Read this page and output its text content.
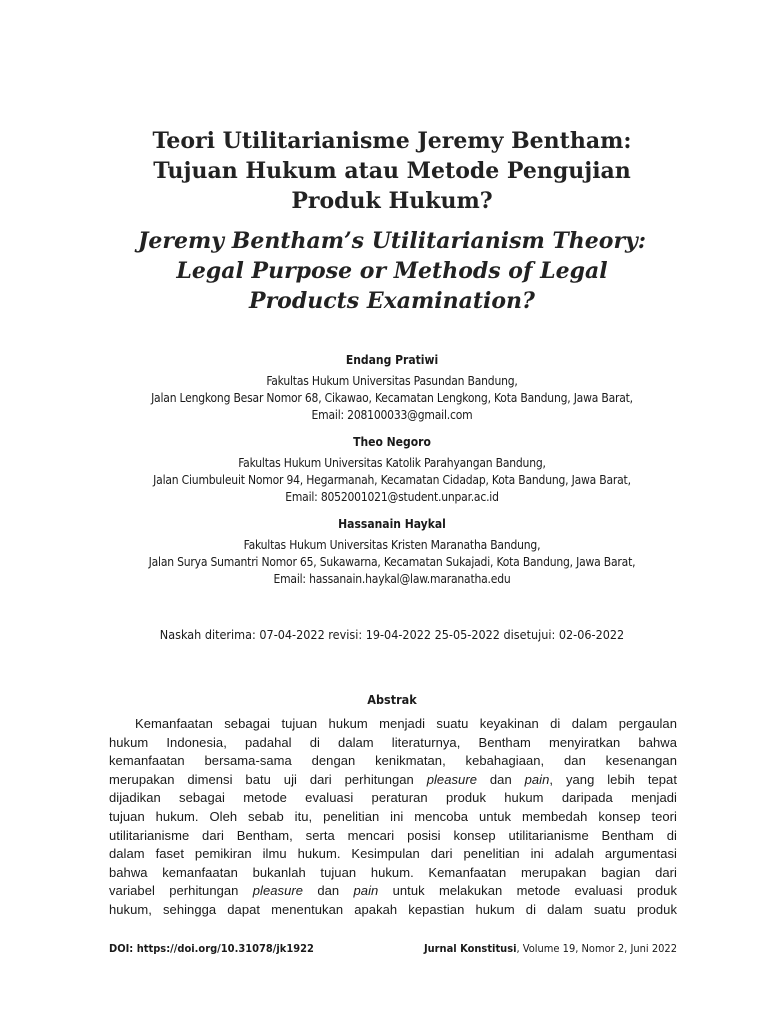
Teori Utilitarianisme Jeremy Bentham:
Tujuan Hukum atau Metode Pengujian
Produk Hukum?
Jeremy Bentham’s Utilitarianism Theory:
Legal Purpose or Methods of Legal
Products Examination?
Endang Pratiwi
Fakultas Hukum Universitas Pasundan Bandung,
Jalan Lengkong Besar Nomor 68, Cikawao, Kecamatan Lengkong, Kota Bandung, Jawa Barat,
Email: 208100033@gmail.com
Theo Negoro
Fakultas Hukum Universitas Katolik Parahyangan Bandung,
Jalan Ciumbuleuit Nomor 94, Hegarmanah, Kecamatan Cidadap, Kota Bandung, Jawa Barat,
Email: 8052001021@student.unpar.ac.id
Hassanain Haykal
Fakultas Hukum Universitas Kristen Maranatha Bandung,
Jalan Surya Sumantri Nomor 65, Sukawarna, Kecamatan Sukajadi, Kota Bandung, Jawa Barat,
Email: hassanain.haykal@law.maranatha.edu
Naskah diterima: 07-04-2022 revisi: 19-04-2022 25-05-2022 disetujui: 02-06-2022
Abstrak
Kemanfaatan sebagai tujuan hukum menjadi suatu keyakinan di dalam pergaulan
hukum Indonesia, padahal di dalam literaturnya, Bentham menyiratkan bahwa
kemanfaatan bersama-sama dengan kenikmatan, kebahagiaan, dan kesenangan
merupakan dimensi batu uji dari perhitungan pleasure dan pain, yang lebih tepat
dijadikan sebagai metode evaluasi peraturan produk hukum daripada menjadi
tujuan hukum. Oleh sebab itu, penelitian ini mencoba untuk membedah konsep teori
utilitarianisme dari Bentham, serta mencari posisi konsep utilitarianisme Bentham di
dalam faset pemikiran ilmu hukum. Kesimpulan dari penelitian ini adalah argumentasi
bahwa kemanfaatan bukanlah tujuan hukum. Kemanfaatan merupakan bagian dari
variabel perhitungan pleasure dan pain untuk melakukan metode evaluasi produk
hukum, sehingga dapat menentukan apakah kepastian hukum di dalam suatu produk
DOI: https://doi.org/10.31078/jk1922	Jurnal Konstitusi, Volume 19, Nomor 2, Juni 2022
